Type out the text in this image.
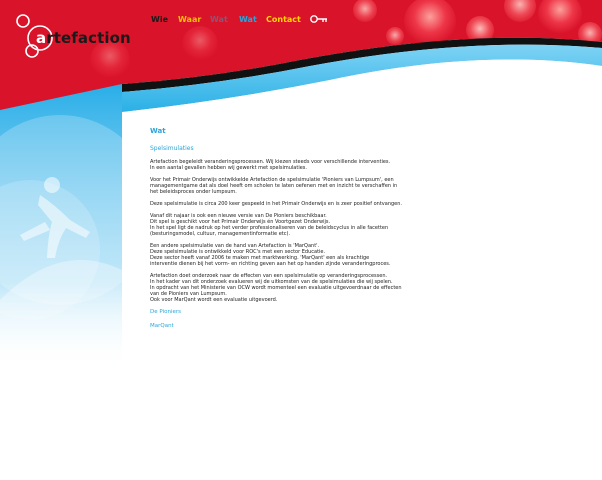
artefaction
Wie Waar Wat Wat Contact
Wat
Spelsimulaties
Artefaction begeleidt veranderingsprocessen. Wij kiezen steeds voor verschillende interventies.
In een aantal gevallen hebben wij gewerkt met spelsimulaties.
Voor het Primair Onderwijs ontwikkelde Artefaction de spelsimulatie 'Pioniers van Lumpsum', een
managementgame dat als doel heeft om scholen te laten oefenen met en inzicht te verschaffen in
het beleidsproces onder lumpsum.
Deze spelsimulatie is circa 200 keer gespeeld in het Primair Onderwijs en is zeer positief ontvangen.
Vanaf dit najaar is ook een nieuwe versie van De Pioniers beschikbaar.
Dit spel is geschikt voor het Primair Onderwijs én Voortgezet Onderwijs.
In het spel ligt de nadruk op het verder professionaliseren van de beleidscyclus in alle facetten
(besturingsmodel, cultuur, managementinformatie etc).
Een andere spelsimulatie van de hand van Artefaction is 'MarQant'.
Deze spelsimulatie is ontwikkeld voor ROC's met een sector Educatie.
Deze sector heeft vanaf 2006 te maken met marktwerking. 'MarQant' een als krachtige
interventie dienen bij het vorm- en richting geven aan het op handen zijnde veranderingproces.
Artefaction doet onderzoek naar de effecten van een spelsimulatie op veranderingsprocessen.
In het kader van dit onderzoek evalueren wij de uitkomsten van de spelsimulaties die wij spelen.
In opdracht van het Ministerie van OCW wordt momenteel een evaluatie uitgevoerdnaar de effecten
van de Pioniers van Lumpsum.
Ook voor MarQant wordt een evaluatie uitgevoerd.
De Pioniers
MarQant
